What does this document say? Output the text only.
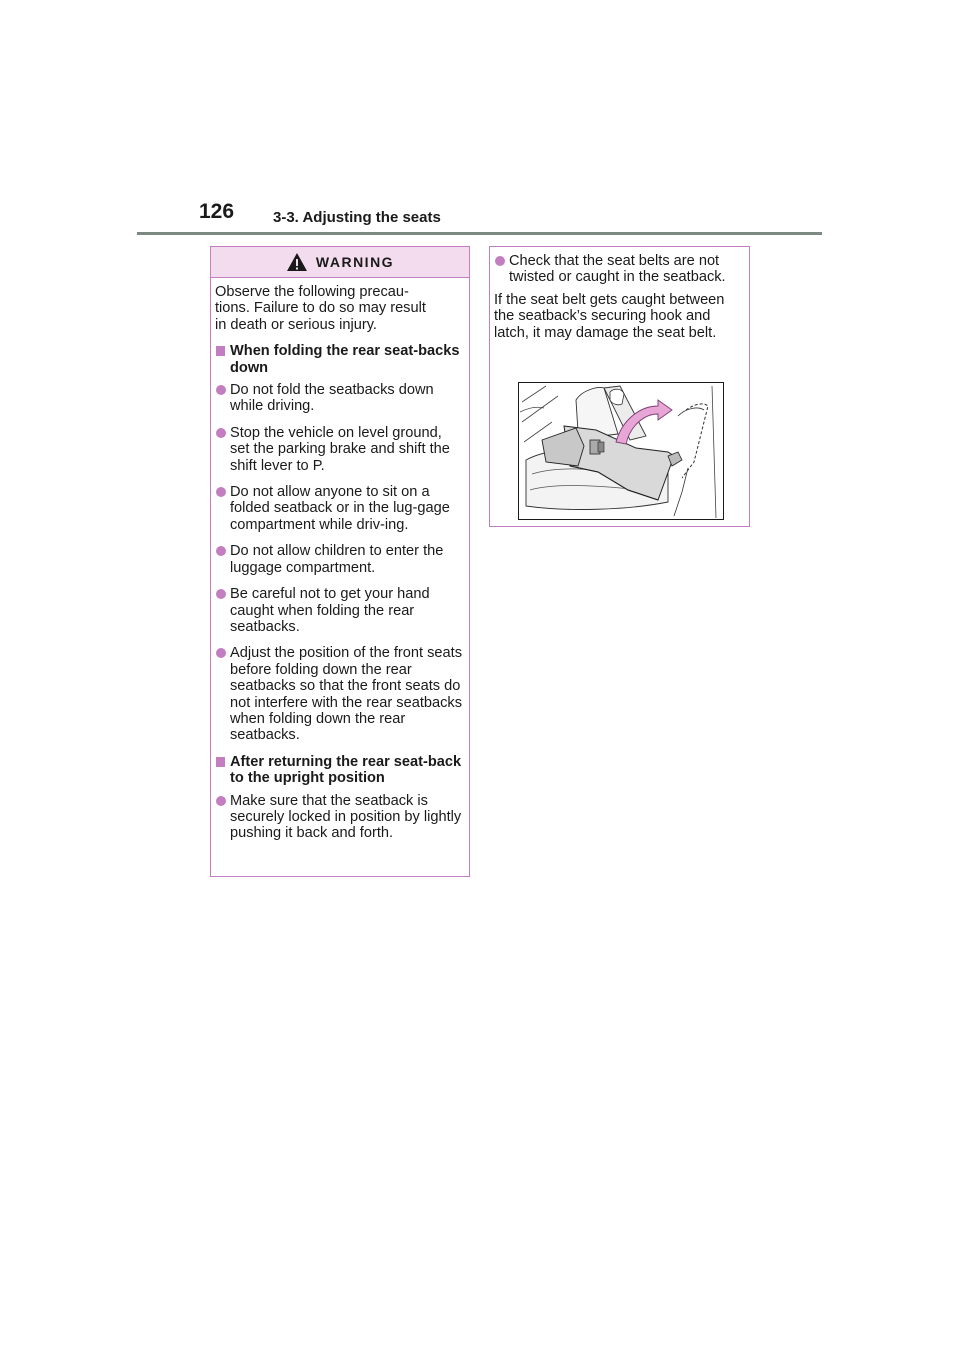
126	3-3. Adjusting the seats
WARNING

Observe the following precau-
tions. Failure to do so may result
in death or serious injury.

When folding the rear seat-backs down

Do not fold the seatbacks down while driving.

Stop the vehicle on level ground, set the parking brake and shift the shift lever to P.

Do not allow anyone to sit on a folded seatback or in the lug-gage compartment while driv-ing.

Do not allow children to enter the luggage compartment.

Be careful not to get your hand caught when folding the rear seatbacks.

Adjust the position of the front seats before folding down the rear seatbacks so that the front seats do not interfere with the rear seatbacks when folding down the rear seatbacks.

After returning the rear seat-back to the upright position

Make sure that the seatback is securely locked in position by lightly pushing it back and forth.

Check that the seat belts are not twisted or caught in the seatback.

If the seat belt gets caught between the seatback’s securing hook and latch, it may damage the seat belt.
